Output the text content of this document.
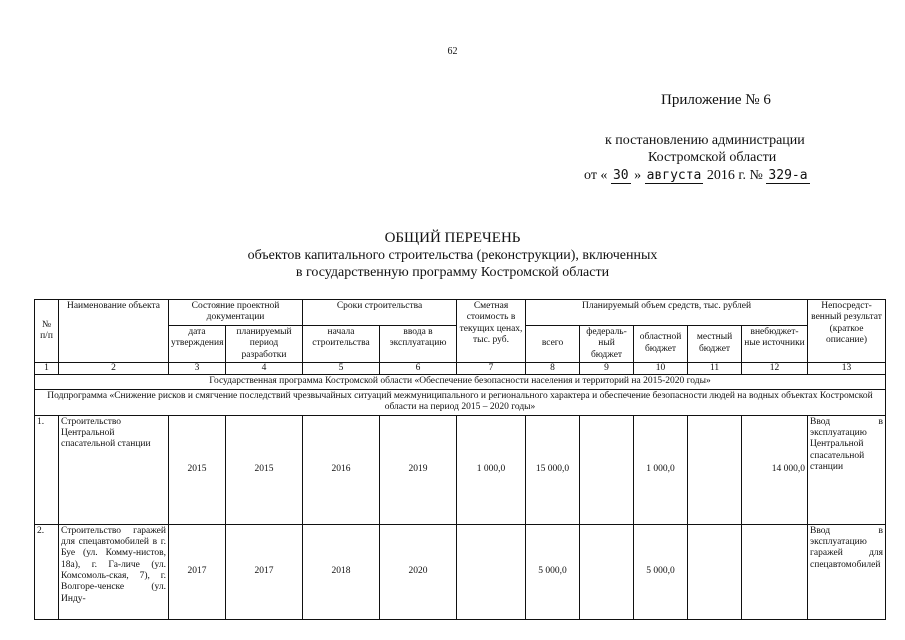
62
Приложение № 6
к постановлению администрации
Костромской области
от « 30 » августа 2016 г. № 329-а
ОБЩИЙ ПЕРЕЧЕНЬ
объектов капитального строительства (реконструкции), включенных
в государственную программу Костромской области
№ п/п	Наименование объекта	Состояние проектной документации		Сроки строительства		Сметная стоимость в текущих ценах, тыс. руб.	Планируемый объем средств, тыс. рублей					Непосредст-венный результат (краткое описание)
		дата утверждения	планируемый период разработки	начала строительства	ввода в эксплуатацию		всего	федераль-ный бюджет	областной бюджет	местный бюджет	внебюджет-ные источники	
1	2	3	4	5	6	7	8	9	10	11	12	13
Государственная программа Костромской области «Обеспечение безопасности населения и территорий на 2015-2020 годы»												
Подпрограмма «Снижение рисков и смягчение последствий чрезвычайных ситуаций межмуниципального и регионального характера и обеспечение безопасности людей на водных объектах Костромской области на период 2015 – 2020 годы»												
1.	Строительство Центральной спасательной станции	2015	2015	2016	2019	1 000,0	15 000,0		1 000,0		14 000,0	Ввод в эксплуатацию Центральной спасательной станции
2.	Строительство гаражей для спецавтомобилей в г. Буе (ул. Комму-нистов, 18а), г. Га-личе (ул. Комсомоль-ская, 7), г. Волгоре-ченске (ул. Инду-	2017	2017	2018	2020		5 000,0		5 000,0			Ввод в эксплуатацию гаражей для спецавтомобилей
